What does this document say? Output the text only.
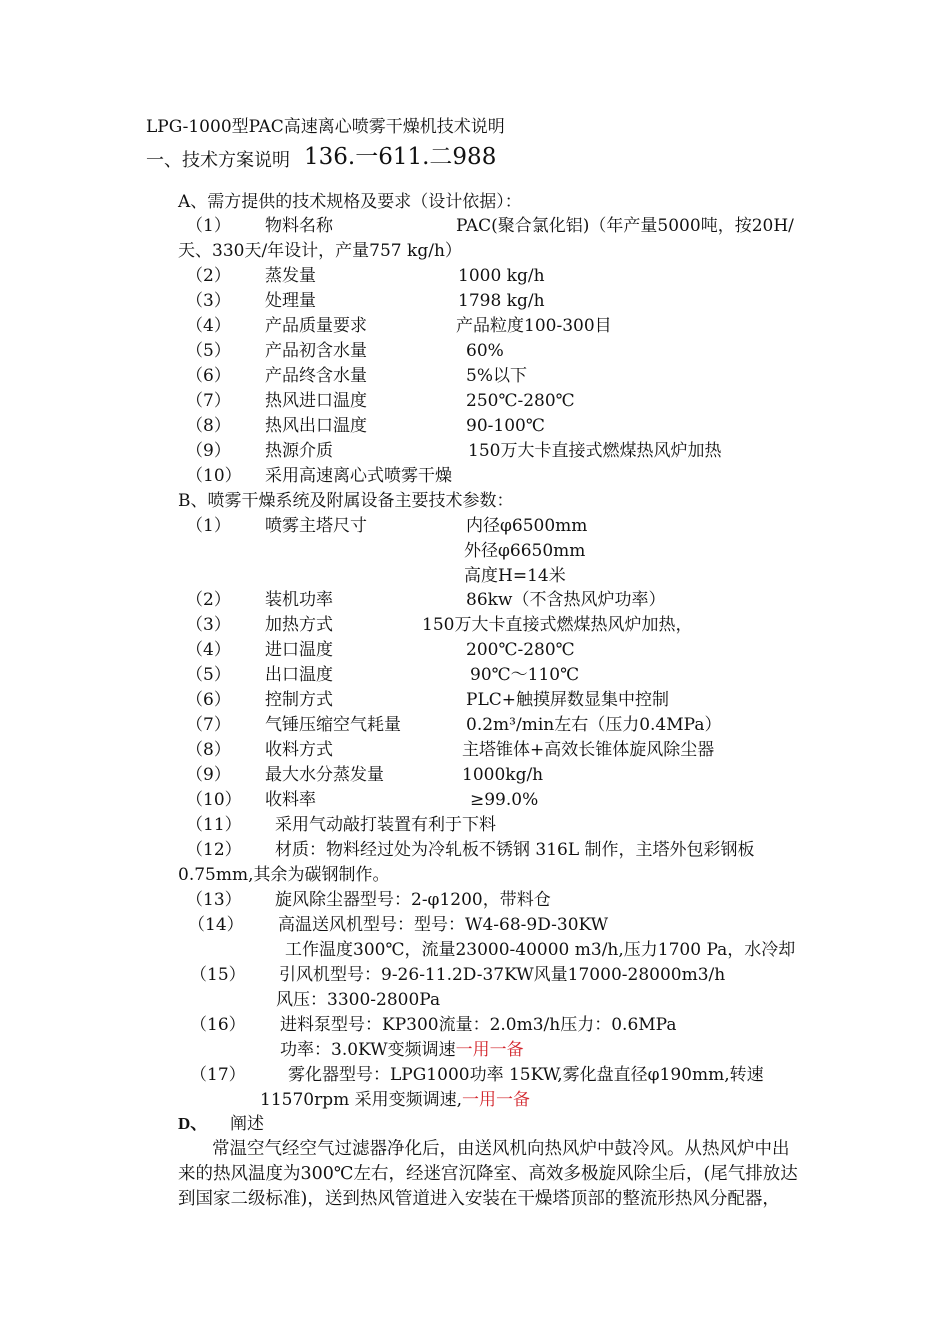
LPG-1000型PAC高速离心喷雾干燥机技术说明
一、技术方案说明 136.一611.二988
A、需方提供的技术规格及要求（设计依据）：
（1） 物料名称	PAC(聚合氯化铝)（年产量5000吨，按20H/
天、330天/年设计，产量757 kg/h）
（2） 蒸发量	1000 kg/h
（3） 处理量	1798 kg/h
（4） 产品质量要求	产品粒度100-300目
（5） 产品初含水量	60%
（6） 产品终含水量	5%以下
（7） 热风进口温度	250℃-280℃
（8） 热风出口温度	90-100℃
（9） 热源介质	150万大卡直接式燃煤热风炉加热
（10） 采用高速离心式喷雾干燥
B、喷雾干燥系统及附属设备主要技术参数：
（1） 喷雾主塔尺寸	内径φ6500mm
外径φ6650mm
高度H=14米
（2） 装机功率	86kw（不含热风炉功率）
（3） 加热方式	150万大卡直接式燃煤热风炉加热，
（4） 进口温度	200℃-280℃
（5） 出口温度	90℃～110℃
（6） 控制方式	PLC+触摸屏数显集中控制
（7） 气锤压缩空气耗量	0.2m³/min左右（压力0.4MPa）
（8） 收料方式	主塔锥体+高效长锥体旋风除尘器
（9） 最大水分蒸发量	1000kg/h
（10） 收料率	≥99.0%
（11） 采用气动敲打装置有利于下料
（12） 材质：物料经过处为冷轧板不锈钢 316L 制作，主塔外包彩钢板
0.75mm,其余为碳钢制作。
（13） 旋风除尘器型号：2-φ1200，带料仓
（14） 高温送风机型号：型号：W4-68-9D-30KW
工作温度300℃，流量23000-40000 m3/h,压力1700 Pa，水冷却
（15） 引风机型号：9-26-11.2D-37KW风量17000-28000m3/h
风压：3300-2800Pa
（16） 进料泵型号：KP300流量：2.0m3/h压力：0.6MPa
功率：3.0KW变频调速一用一备
（17） 雾化器型号：LPG1000功率 15KW,雾化盘直径φ190mm,转速
11570rpm 采用变频调速,一用一备
D、 阐述
常温空气经空气过滤器净化后，由送风机向热风炉中鼓冷风。从热风炉中出
来的热风温度为300℃左右，经迷宫沉降室、高效多极旋风除尘后，(尾气排放达
到国家二级标准)，送到热风管道进入安装在干燥塔顶部的整流形热风分配器，
